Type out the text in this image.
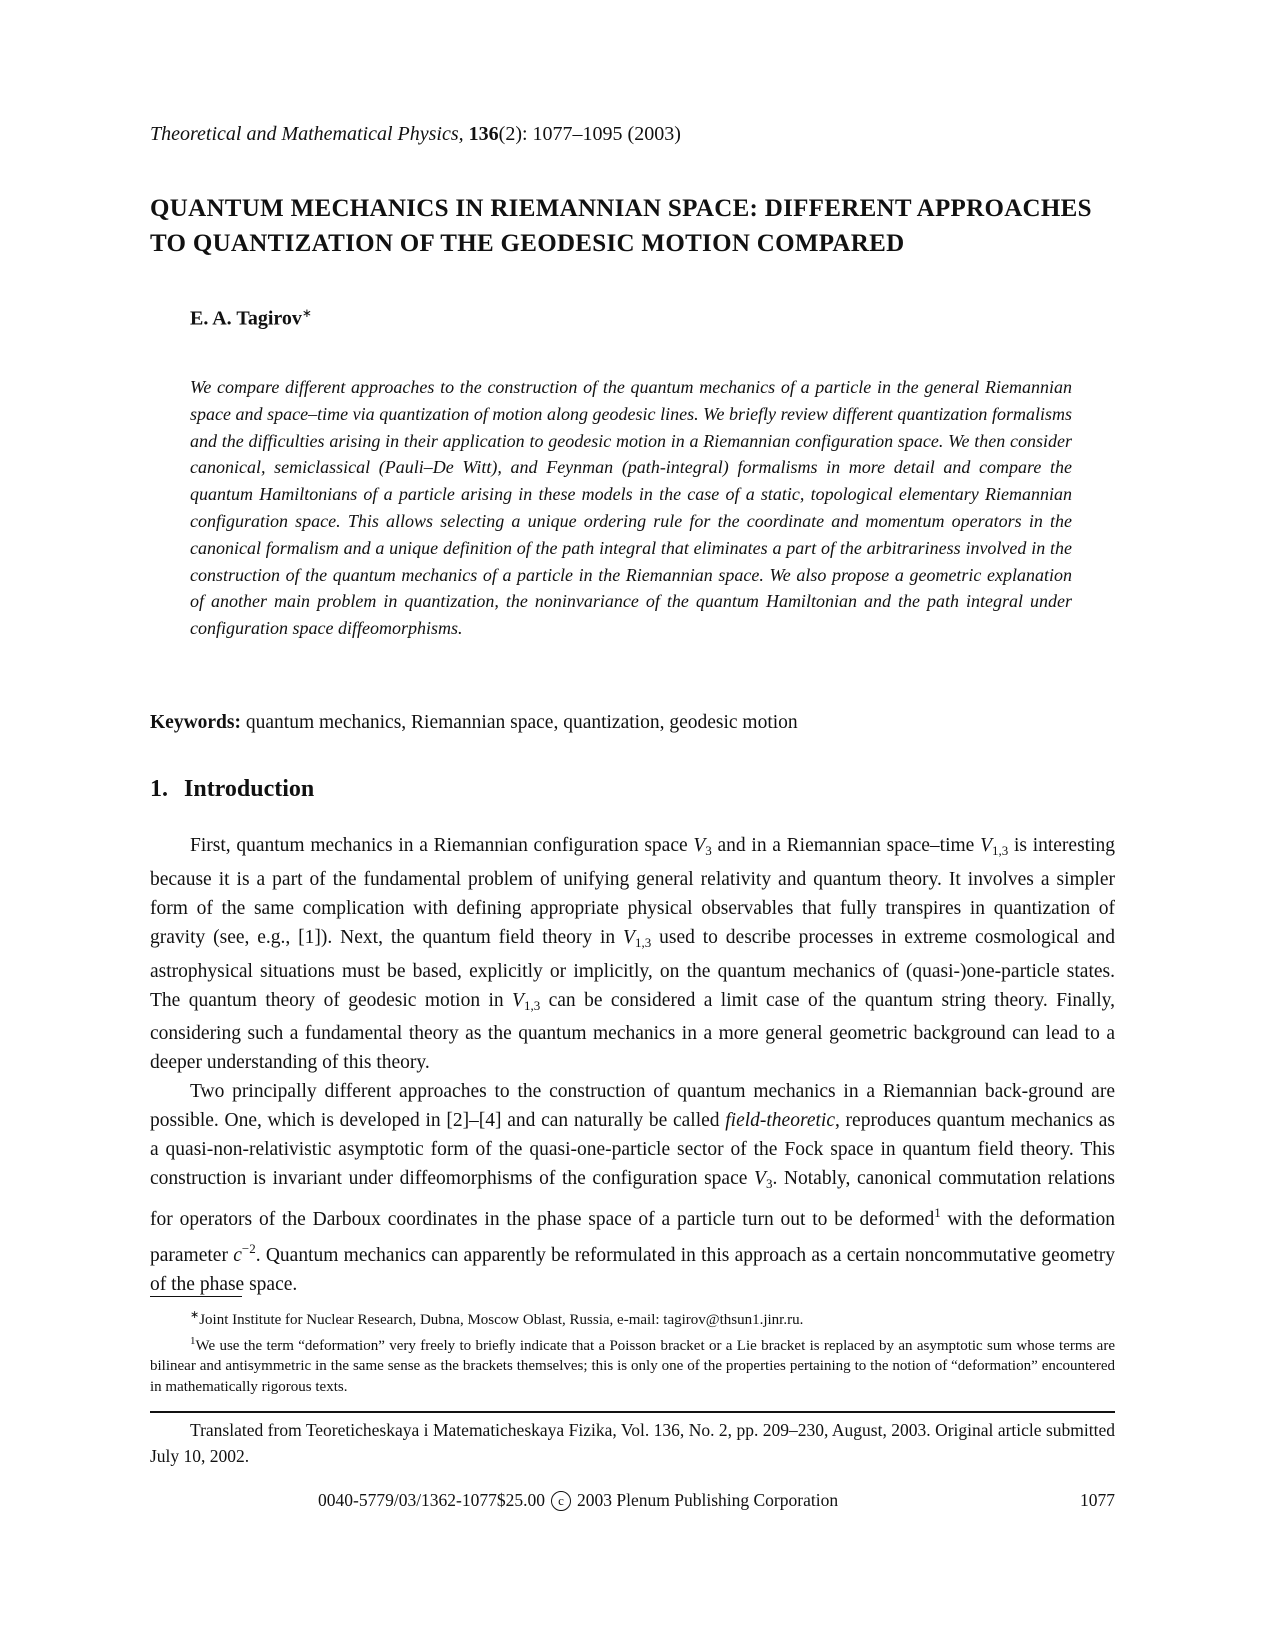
Theoretical and Mathematical Physics, 136(2): 1077–1095 (2003)
QUANTUM MECHANICS IN RIEMANNIAN SPACE: DIFFERENT APPROACHES TO QUANTIZATION OF THE GEODESIC MOTION COMPARED
E. A. Tagirov∗
We compare different approaches to the construction of the quantum mechanics of a particle in the general Riemannian space and space–time via quantization of motion along geodesic lines. We briefly review different quantization formalisms and the difficulties arising in their application to geodesic motion in a Riemannian configuration space. We then consider canonical, semiclassical (Pauli–De Witt), and Feynman (path-integral) formalisms in more detail and compare the quantum Hamiltonians of a particle arising in these models in the case of a static, topological elementary Riemannian configuration space. This allows selecting a unique ordering rule for the coordinate and momentum operators in the canonical formalism and a unique definition of the path integral that eliminates a part of the arbitrariness involved in the construction of the quantum mechanics of a particle in the Riemannian space. We also propose a geometric explanation of another main problem in quantization, the noninvariance of the quantum Hamiltonian and the path integral under configuration space diffeomorphisms.
Keywords: quantum mechanics, Riemannian space, quantization, geodesic motion
1. Introduction

First, quantum mechanics in a Riemannian configuration space $V_3$ and in a Riemannian space–time $V_{1,3}$ is interesting because it is a part of the fundamental problem of unifying general relativity and quantum theory. It involves a simpler form of the same complication with defining appropriate physical observables that fully transpires in quantization of gravity (see, e.g., [1]). Next, the quantum field theory in $V_{1,3}$ used to describe processes in extreme cosmological and astrophysical situations must be based, explicitly or implicitly, on the quantum mechanics of (quasi-)one-particle states. The quantum theory of geodesic motion in $V_{1,3}$ can be considered a limit case of the quantum string theory. Finally, considering such a fundamental theory as the quantum mechanics in a more general geometric background can lead to a deeper understanding of this theory.

Two principally different approaches to the construction of quantum mechanics in a Riemannian back-ground are possible. One, which is developed in [2]–[4] and can naturally be called field-theoretic, reproduces quantum mechanics as a quasi-non-relativistic asymptotic form of the quasi-one-particle sector of the Fock space in quantum field theory. This construction is invariant under diffeomorphisms of the configuration space $V_3$. Notably, canonical commutation relations for operators of the Darboux coordinates in the phase space of a particle turn out to be deformed$^1$ with the deformation parameter $c^{-2}$. Quantum mechanics can apparently be reformulated in this approach as a certain noncommutative geometry of the phase space.

∗Joint Institute for Nuclear Research, Dubna, Moscow Oblast, Russia, e-mail: tagirov@thsun1.jinr.ru.

$^1$We use the term “deformation” very freely to briefly indicate that a Poisson bracket or a Lie bracket is replaced by an asymptotic sum whose terms are bilinear and antisymmetric in the same sense as the brackets themselves; this is only one of the properties pertaining to the notion of “deformation” encountered in mathematically rigorous texts.

Translated from Teoreticheskaya i Matematicheskaya Fizika, Vol. 136, No. 2, pp. 209–230, August, 2003. Original article submitted July 10, 2002.

0040-5779/03/1362-1077$25.00 c 2003 Plenum Publishing Corporation	1077
